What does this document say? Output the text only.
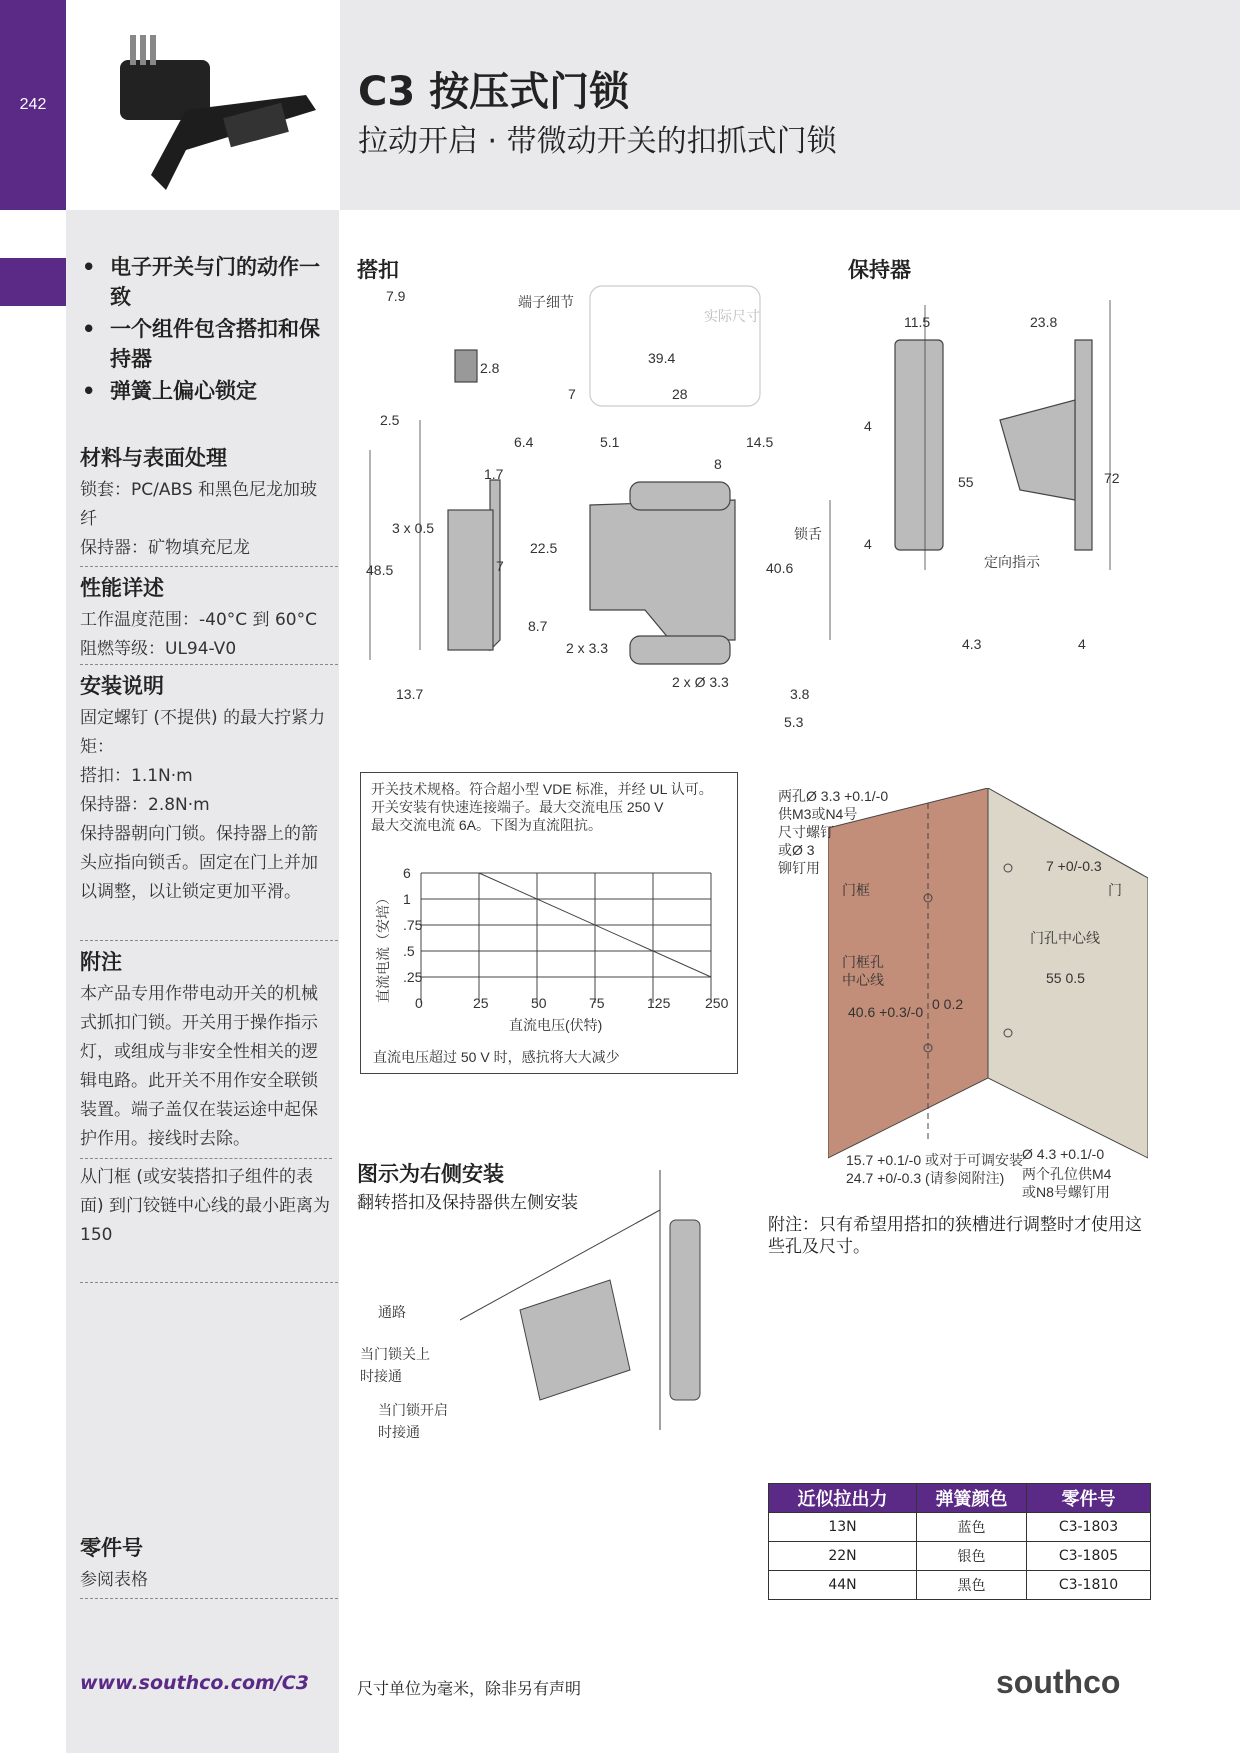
242	C3 按压式门锁
拉动开启 · 带微动开关的扣抓式门锁
• 电子开关与门的动作一致
• 一个组件包含搭扣和保持器
• 弹簧上偏心锁定
材料与表面处理

锁套：PC/ABS 和黑色尼龙加玻纤

保持器：矿物填充尼龙

性能详述

工作温度范围：-40°C 到 60°C

阻燃等级：UL94-V0

安装说明

固定螺钉 (不提供) 的最大拧紧力矩：

搭扣：1.1N·m

保持器：2.8N·m

保持器朝向门锁。保持器上的箭头应指向锁舌。固定在门上并加以调整，以让锁定更加平滑。

附注

本产品专用作带电动开关的机械式抓扣门锁。开关用于操作指示灯，或组成与非安全性相关的逻辑电路。此开关不用作安全联锁装置。端子盖仅在装运途中起保护作用。接线时去除。

从门框 (或安装搭扣子组件的表面) 到门铰链中心线的最小距离为150

零件号

参阅表格

搭扣	保持器
7.9
2.8
39.4
7	28
2.5
6.4
1.7
5.1	14.5
8
3 x 0.5
22.5
48.5	7	40.6
8.7
2 x 3.3
2 x Ø 3.3
3.8
5.3
13.7
端子细节
实际尺寸
锁舌
11.5	23.8
4
55	72
4
4.3	4
定向指示
开关技术规格。符合超小型 VDE 标准，并经 UL 认可。
开关安装有快速连接端子。最大交流电压 250 V
最大交流电流 6A。下图为直流阻抗。
6
1
.75
.5
.25
0	25	50	75	125 250
直流电流（安培）
直流电压(伏特)
直流电压超过 50 V 时，感抗将大大减少
两孔Ø 3.3 +0.1/-0
供M3或N4号
尺寸螺钉
或Ø 3
铆钉用
门框	门
7 +0/-0.3
门孔中心线
门框孔
中心线	55 0.5
0 0.2
40.6 +0.3/-0
15.7 +0.1/-0 或对于可调安装
24.7 +0/-0.3 (请参阅附注)
Ø 4.3 +0.1/-0
两个孔位供M4
或N8号螺钉用
附注：只有希望用搭扣的狭槽进行调整时才使用这些孔及尺寸。
图示为右侧安装
翻转搭扣及保持器供左侧安装
通路
当门锁关上
时接通
当门锁开启
时接通
近似拉出力	弹簧颜色	零件号
13N	蓝色	C3-1803
22N	银色	C3-1805
44N	黑色	C3-1810
www.southco.com/C3	尺寸单位为毫米，除非另有声明	southco
